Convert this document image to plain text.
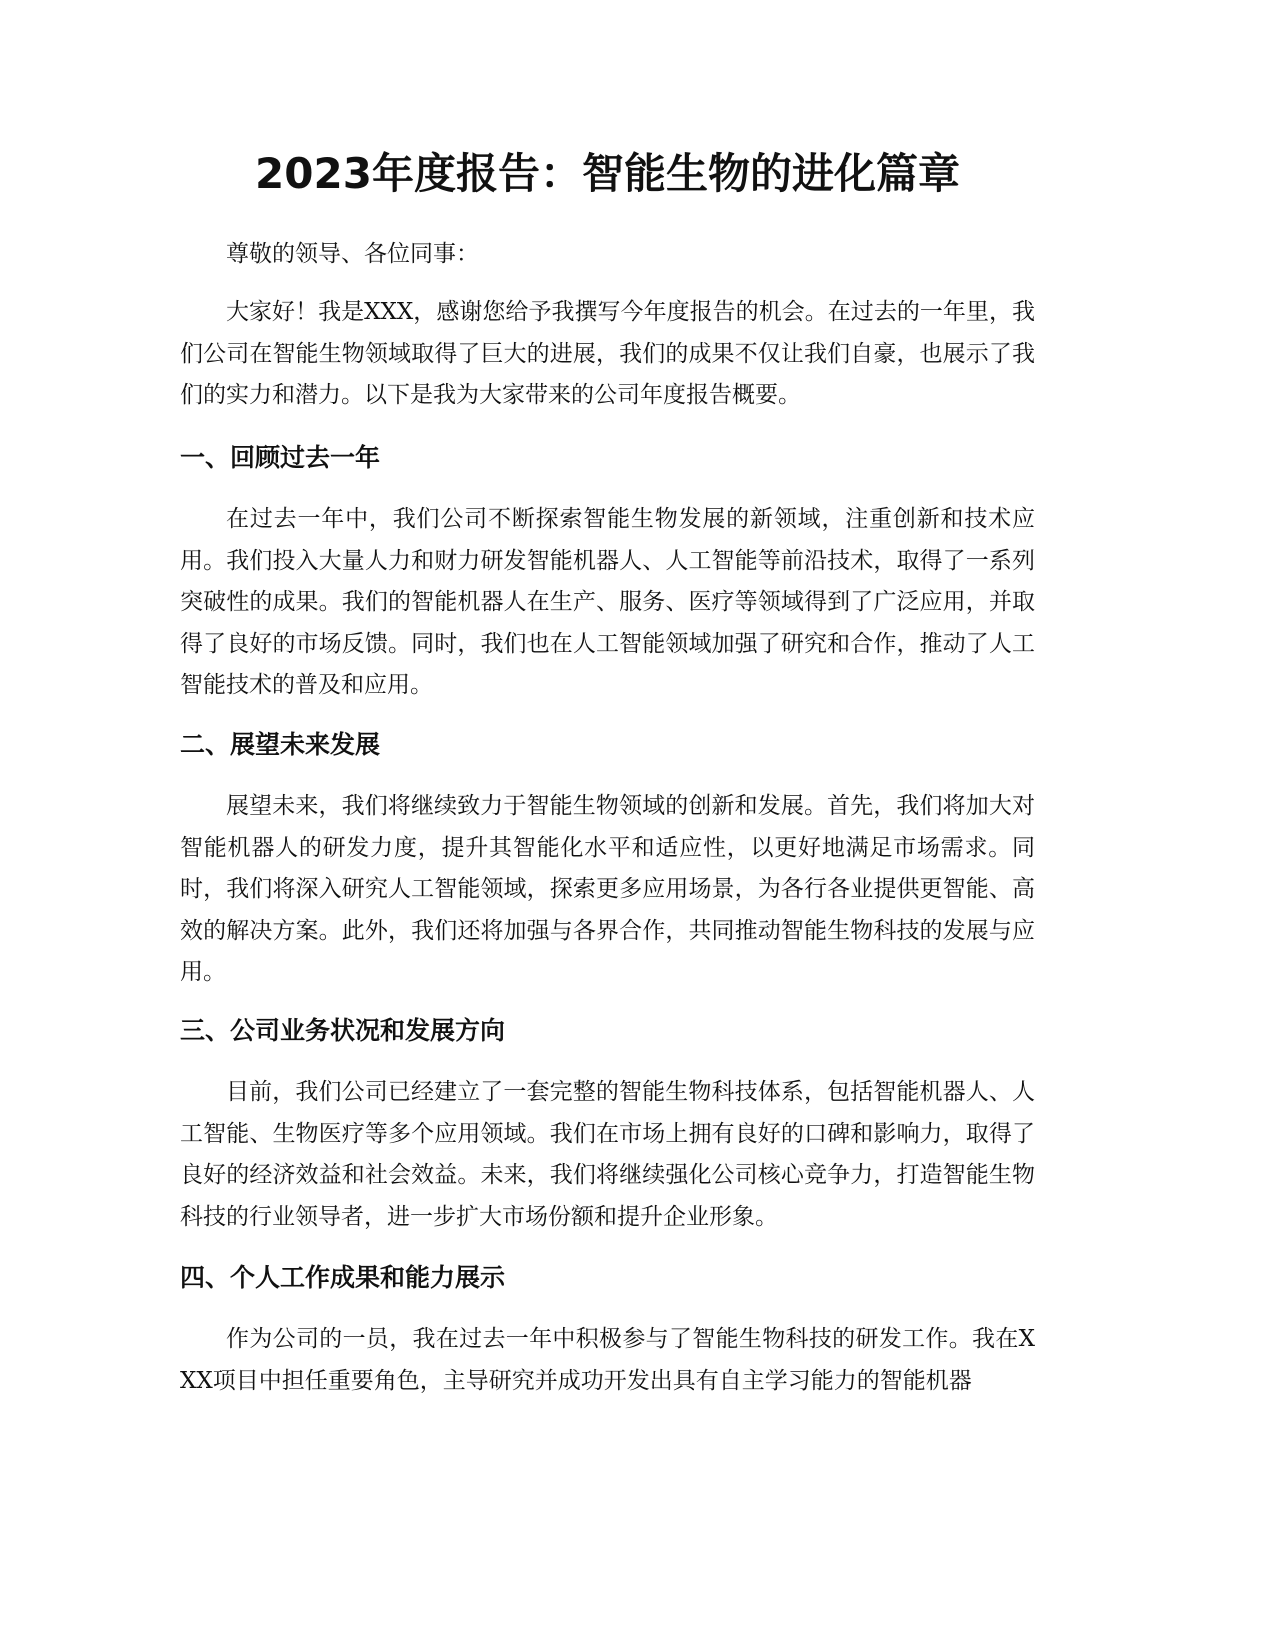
2023年度报告：智能生物的进化篇章

尊敬的领导、各位同事：

大家好！我是XXX，感谢您给予我撰写今年度报告的机会。在过去的一年里，我们公司在智能生物领域取得了巨大的进展，我们的成果不仅让我们自豪，也展示了我们的实力和潜力。以下是我为大家带来的公司年度报告概要。

一、回顾过去一年

在过去一年中，我们公司不断探索智能生物发展的新领域，注重创新和技术应用。我们投入大量人力和财力研发智能机器人、人工智能等前沿技术，取得了一系列突破性的成果。我们的智能机器人在生产、服务、医疗等领域得到了广泛应用，并取得了良好的市场反馈。同时，我们也在人工智能领域加强了研究和合作，推动了人工智能技术的普及和应用。

二、展望未来发展

展望未来，我们将继续致力于智能生物领域的创新和发展。首先，我们将加大对智能机器人的研发力度，提升其智能化水平和适应性，以更好地满足市场需求。同时，我们将深入研究人工智能领域，探索更多应用场景，为各行各业提供更智能、高效的解决方案。此外，我们还将加强与各界合作，共同推动智能生物科技的发展与应用。

三、公司业务状况和发展方向

目前，我们公司已经建立了一套完整的智能生物科技体系，包括智能机器人、人工智能、生物医疗等多个应用领域。我们在市场上拥有良好的口碑和影响力，取得了良好的经济效益和社会效益。未来，我们将继续强化公司核心竞争力，打造智能生物科技的行业领导者，进一步扩大市场份额和提升企业形象。

四、个人工作成果和能力展示

作为公司的一员，我在过去一年中积极参与了智能生物科技的研发工作。我在XXX项目中担任重要角色，主导研究并成功开发出具有自主学习能力的智能机器
